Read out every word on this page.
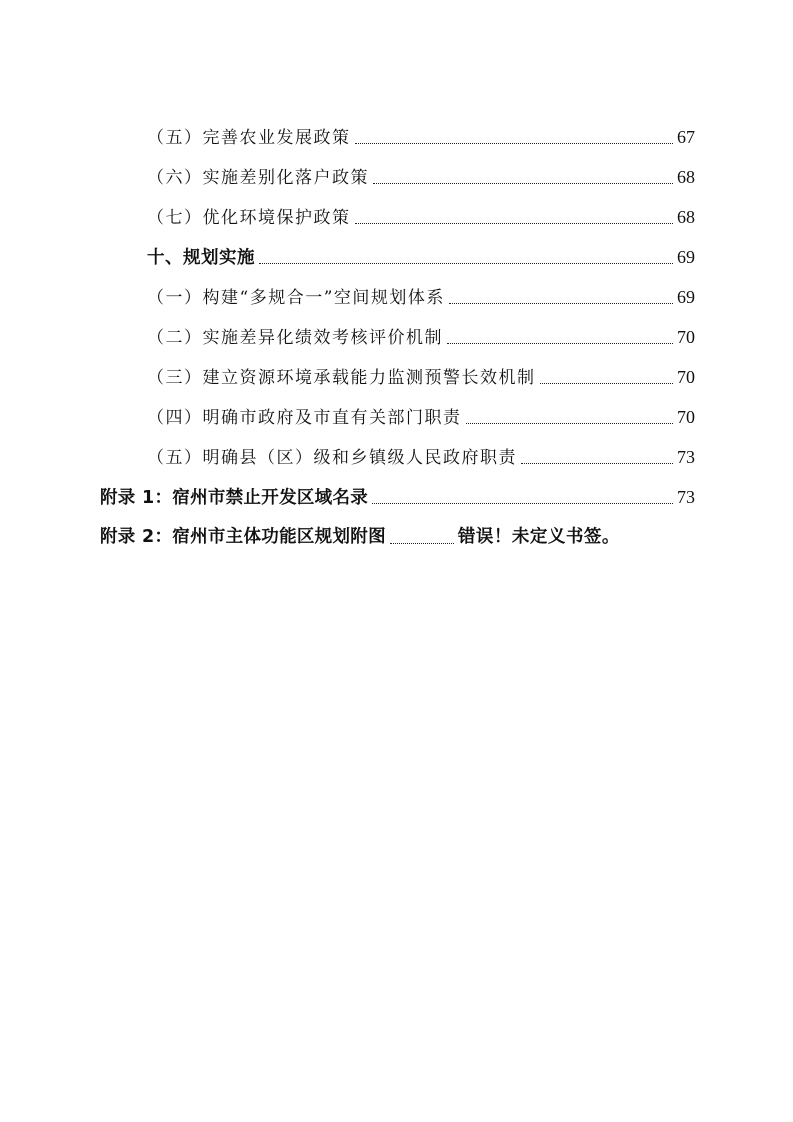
（五）完善农业发展政策	67
（六）实施差别化落户政策	68
（七）优化环境保护政策	68
十、规划实施	69
（一）构建“多规合一”空间规划体系	69
（二）实施差异化绩效考核评价机制	70
（三）建立资源环境承载能力监测预警长效机制	70
（四）明确市政府及市直有关部门职责	70
（五）明确县（区）级和乡镇级人民政府职责	73
附录 1：宿州市禁止开发区域名录	73
附录 2：宿州市主体功能区规划附图	错误！未定义书签。
